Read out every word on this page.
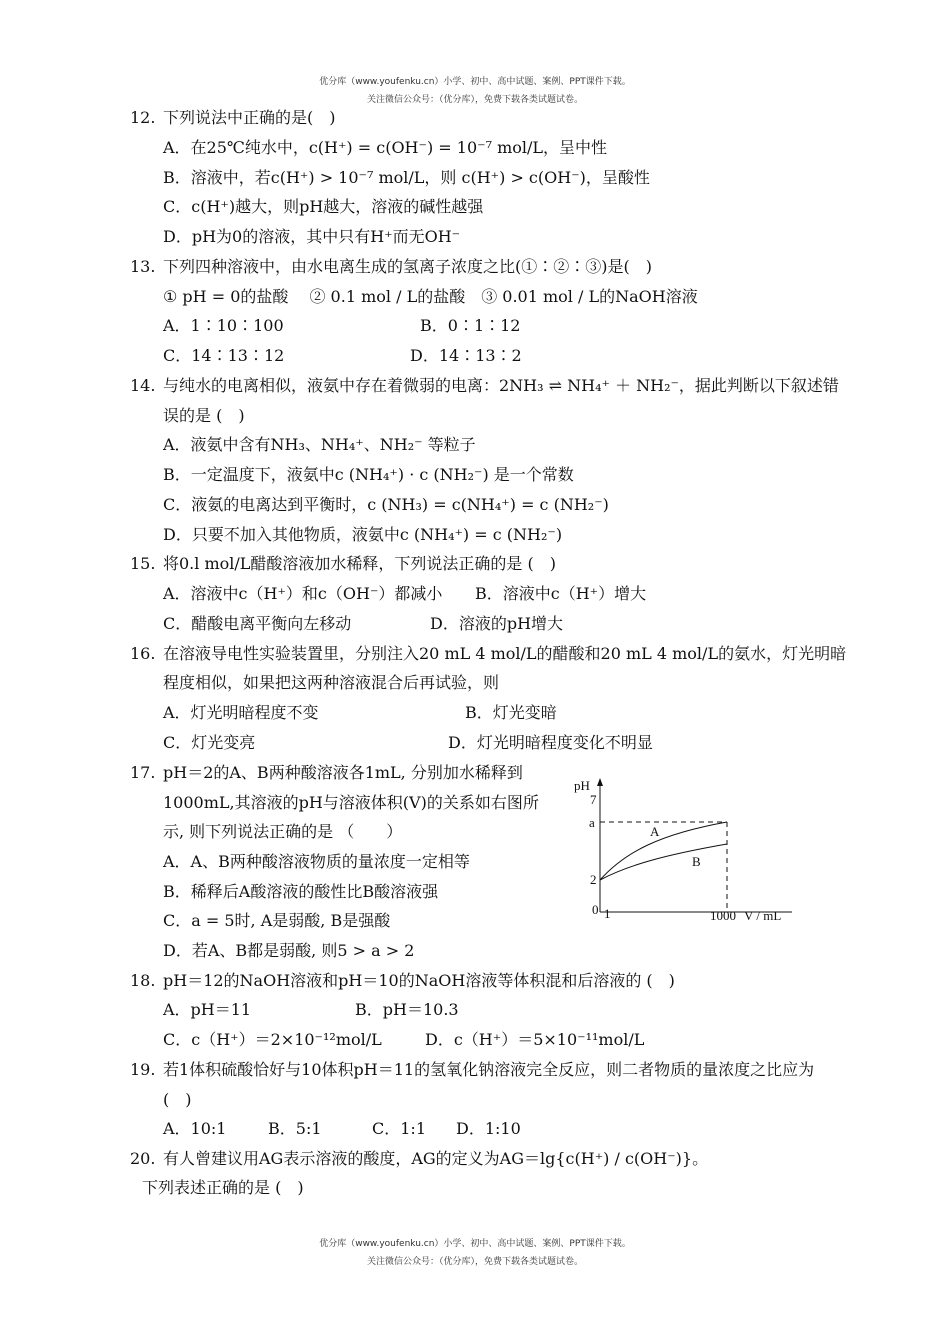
优分库（www.youfenku.cn）小学、初中、高中试题、案例、PPT课件下载。
关注微信公众号：（优分库），免费下载各类试题试卷。
12. 下列说法中正确的是(　)
A．在25℃纯水中，c(H⁺) = c(OH⁻) = 10⁻⁷ mol/L，呈中性
B．溶液中，若c(H⁺) > 10⁻⁷ mol/L，则 c(H⁺) > c(OH⁻)，呈酸性
C．c(H⁺)越大，则pH越大，溶液的碱性越强
D．pH为0的溶液，其中只有H⁺而无OH⁻
13. 下列四种溶液中，由水电离生成的氢离子浓度之比(①∶②∶③)是(　)
① pH = 0的盐酸　 ② 0.1 mol / L的盐酸　③ 0.01 mol / L的NaOH溶液
A．1∶10∶100	B．0∶1∶12
C．14∶13∶12	D．14∶13∶2
14. 与纯水的电离相似，液氨中存在着微弱的电离：2NH₃ ⇌ NH₄⁺ ＋ NH₂⁻，据此判断以下叙述错
误的是 (　)
A．液氨中含有NH₃、NH₄⁺、NH₂⁻ 等粒子
B．一定温度下，液氨中c (NH₄⁺) · c (NH₂⁻) 是一个常数
C．液氨的电离达到平衡时，c (NH₃) = c(NH₄⁺) = c (NH₂⁻)
D．只要不加入其他物质，液氨中c (NH₄⁺) = c (NH₂⁻)
15. 将0.l mol/L醋酸溶液加水稀释，下列说法正确的是 (　)
A．溶液中c（H⁺）和c（OH⁻）都减小 B．溶液中c（H⁺）增大
C．醋酸电离平衡向左移动	D．溶液的pH增大
16. 在溶液导电性实验装置里，分别注入20 mL 4 mol/L的醋酸和20 mL 4 mol/L的氨水，灯光明暗
程度相似，如果把这两种溶液混合后再试验，则
A．灯光明暗程度不变	B．灯光变暗
C．灯光变亮	D．灯光明暗程度变化不明显
17. pH＝2的A、B两种酸溶液各1mL, 分别加水稀释到
1000mL,其溶液的pH与溶液体积(V)的关系如右图所
示, 则下列说法正确的是 （　　）
A．A、B两种酸溶液物质的量浓度一定相等
B．稀释后A酸溶液的酸性比B酸溶液强
C．a = 5时, A是弱酸, B是强酸
D．若A、B都是弱酸, 则5 > a > 2
pH
7
a
2
0 1	1000 V / mL
A
B
18. pH＝12的NaOH溶液和pH＝10的NaOH溶液等体积混和后溶液的 (　)
A．pH＝11	B．pH＝10.3
C．c（H⁺）＝2×10⁻¹²mol/L	D．c（H⁺）＝5×10⁻¹¹mol/L
19. 若1体积硫酸恰好与10体积pH＝11的氢氧化钠溶液完全反应，则二者物质的量浓度之比应为
(　)
A．10:1	B．5:1	C．1:1 D．1:10
20. 有人曾建议用AG表示溶液的酸度，AG的定义为AG＝lg{c(H⁺) / c(OH⁻)}。
下列表述正确的是 (　)
优分库（www.youfenku.cn）小学、初中、高中试题、案例、PPT课件下载。
关注微信公众号：（优分库），免费下载各类试题试卷。
